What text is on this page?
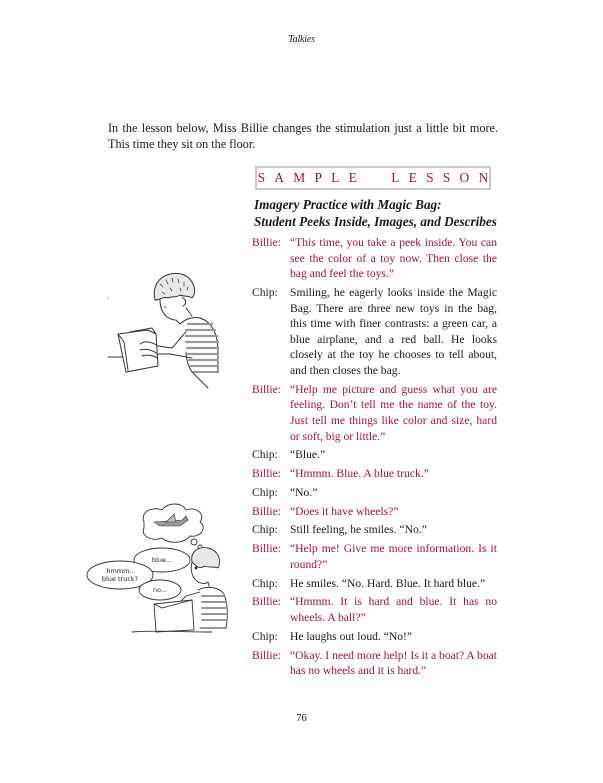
Talkies

In the lesson below, Miss Billie changes the stimulation just a little bit more. This time they sit on the floor.

SAMPLE  LESSON
Imagery Practice with Magic Bag:
Student Peeks Inside, Images, and Describes
Billie: “This time, you take a peek inside. You can see the color of a toy now. Then close the bag and feel the toys.”
Chip:	Smiling, he eagerly looks inside the Magic Bag. There are three new toys in the bag, this time with finer contrasts: a green car, a blue airplane, and a red ball. He looks closely at the toy he chooses to tell about, and then closes the bag.
Billie: “Help me picture and guess what you are feeling. Don’t tell me the name of the toy. Just tell me things like color and size, hard or soft, big or little.”
Chip:	“Blue.”
Billie: “Hmmm. Blue. A blue truck.”
Chip:	“No.”
Billie: “Does it have wheels?”
Chip:	Still feeling, he smiles. “No.”
Billie: “Help me! Give me more information. Is it round?”
Chip:	He smiles. “No. Hard. Blue. It hard blue.”
Billie: “Hmmm. It is hard and blue. It has no wheels. A ball?”
Chip:	He laughs out loud. “No!”
Billie: “Okay. I need more help! Is it a boat? A boat has no wheels and it is hard.”
blue...
hmmm..
blue truck?
no...
76
